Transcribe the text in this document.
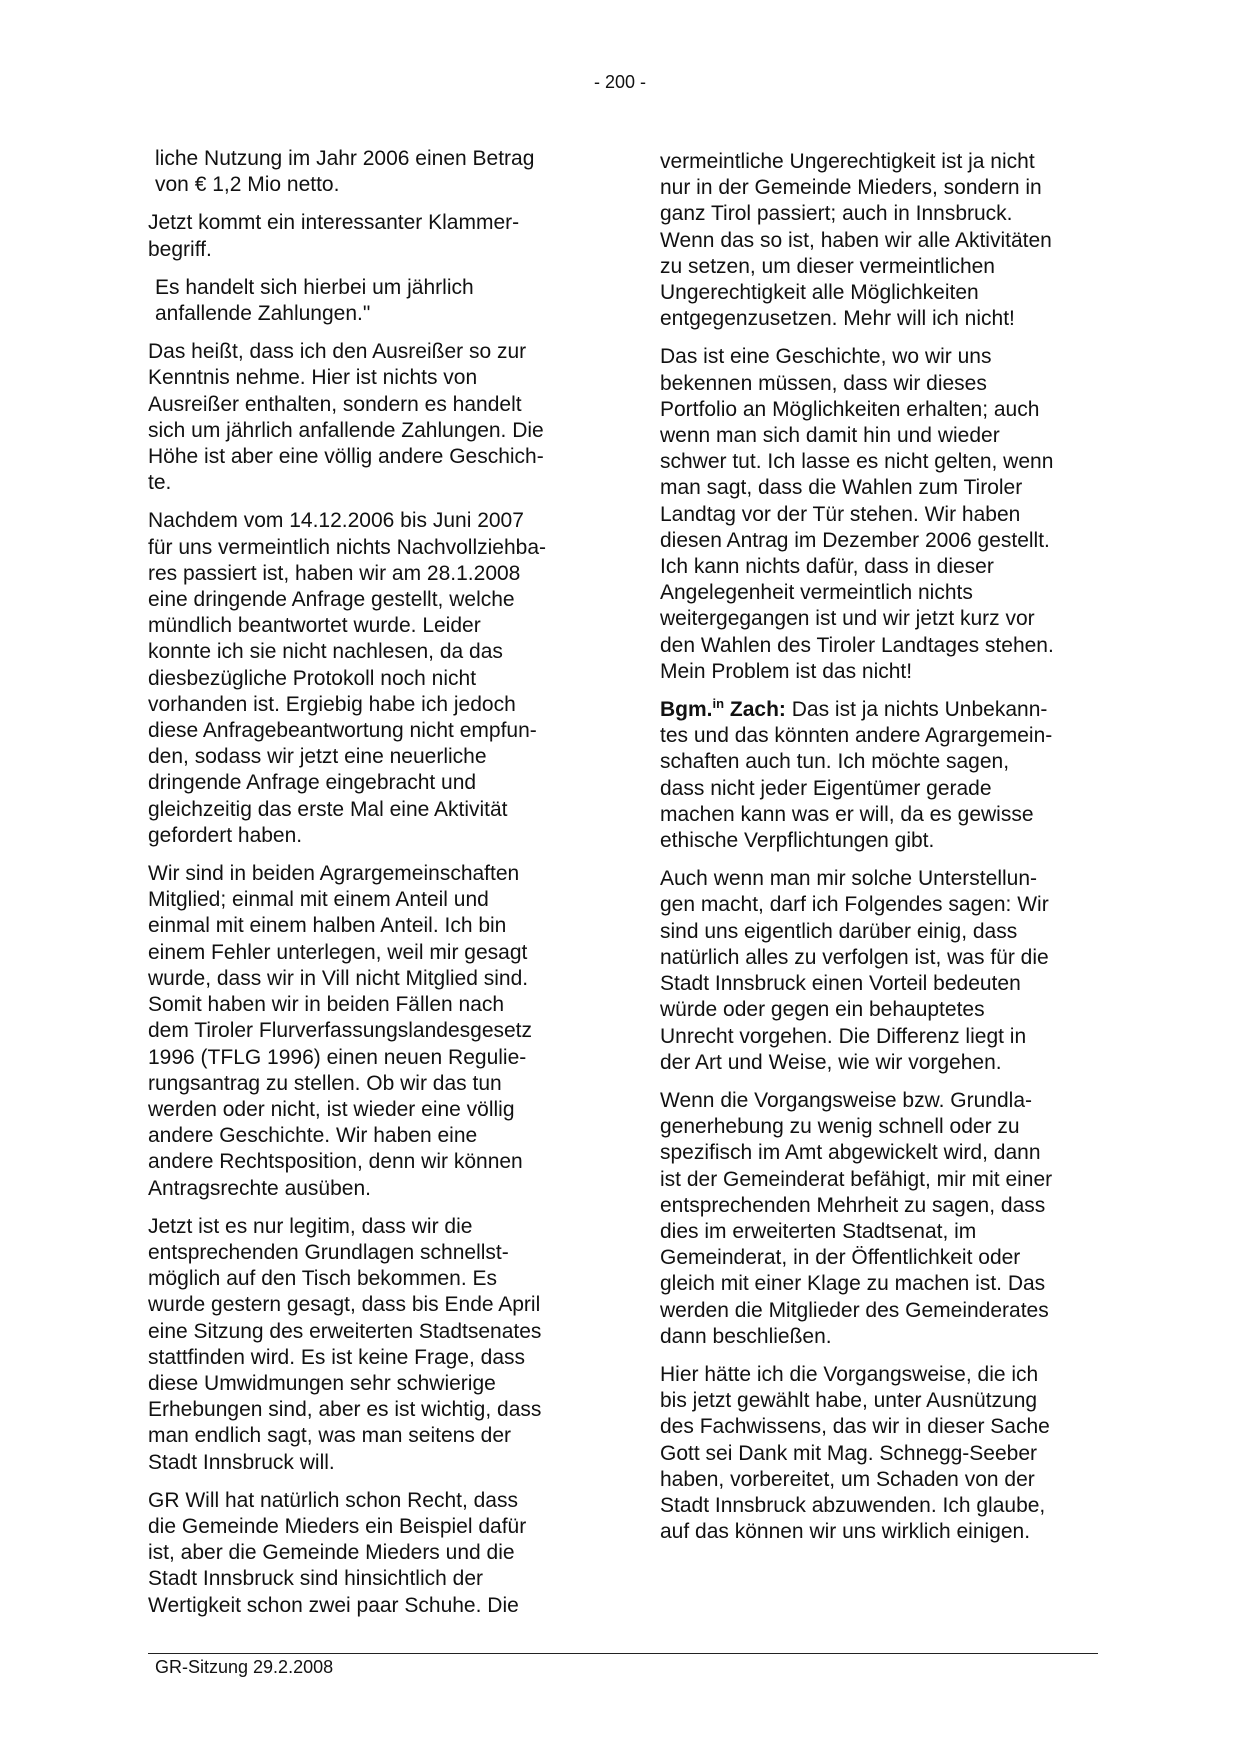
- 200 -
liche Nutzung im Jahr 2006 einen Betrag
von € 1,2 Mio netto.
Jetzt kommt ein interessanter Klammer-
begriff.
Es handelt sich hierbei um jährlich
anfallende Zahlungen."
Das heißt, dass ich den Ausreißer so zur
Kenntnis nehme. Hier ist nichts von
Ausreißer enthalten, sondern es handelt
sich um jährlich anfallende Zahlungen. Die
Höhe ist aber eine völlig andere Geschich-
te.
Nachdem vom 14.12.2006 bis Juni 2007
für uns vermeintlich nichts Nachvollziehba-
res passiert ist, haben wir am 28.1.2008
eine dringende Anfrage gestellt, welche
mündlich beantwortet wurde. Leider
konnte ich sie nicht nachlesen, da das
diesbezügliche Protokoll noch nicht
vorhanden ist. Ergiebig habe ich jedoch
diese Anfragebeantwortung nicht empfun-
den, sodass wir jetzt eine neuerliche
dringende Anfrage eingebracht und
gleichzeitig das erste Mal eine Aktivität
gefordert haben.
Wir sind in beiden Agrargemeinschaften
Mitglied; einmal mit einem Anteil und
einmal mit einem halben Anteil. Ich bin
einem Fehler unterlegen, weil mir gesagt
wurde, dass wir in Vill nicht Mitglied sind.
Somit haben wir in beiden Fällen nach
dem Tiroler Flurverfassungslandesgesetz
1996 (TFLG 1996) einen neuen Regulie-
rungsantrag zu stellen. Ob wir das tun
werden oder nicht, ist wieder eine völlig
andere Geschichte. Wir haben eine
andere Rechtsposition, denn wir können
Antragsrechte ausüben.
Jetzt ist es nur legitim, dass wir die
entsprechenden Grundlagen schnellst-
möglich auf den Tisch bekommen. Es
wurde gestern gesagt, dass bis Ende April
eine Sitzung des erweiterten Stadtsenates
stattfinden wird. Es ist keine Frage, dass
diese Umwidmungen sehr schwierige
Erhebungen sind, aber es ist wichtig, dass
man endlich sagt, was man seitens der
Stadt Innsbruck will.
GR Will hat natürlich schon Recht, dass
die Gemeinde Mieders ein Beispiel dafür
ist, aber die Gemeinde Mieders und die
Stadt Innsbruck sind hinsichtlich der
Wertigkeit schon zwei paar Schuhe. Die
vermeintliche Ungerechtigkeit ist ja nicht
nur in der Gemeinde Mieders, sondern in
ganz Tirol passiert; auch in Innsbruck.
Wenn das so ist, haben wir alle Aktivitäten
zu setzen, um dieser vermeintlichen
Ungerechtigkeit alle Möglichkeiten
entgegenzusetzen. Mehr will ich nicht!
Das ist eine Geschichte, wo wir uns
bekennen müssen, dass wir dieses
Portfolio an Möglichkeiten erhalten; auch
wenn man sich damit hin und wieder
schwer tut. Ich lasse es nicht gelten, wenn
man sagt, dass die Wahlen zum Tiroler
Landtag vor der Tür stehen. Wir haben
diesen Antrag im Dezember 2006 gestellt.
Ich kann nichts dafür, dass in dieser
Angelegenheit vermeintlich nichts
weitergegangen ist und wir jetzt kurz vor
den Wahlen des Tiroler Landtages stehen.
Mein Problem ist das nicht!
Bgm.$^{in}$ Zach: Das ist ja nichts Unbekann-
tes und das könnten andere Agrargemein-
schaften auch tun. Ich möchte sagen,
dass nicht jeder Eigentümer gerade
machen kann was er will, da es gewisse
ethische Verpflichtungen gibt.
Auch wenn man mir solche Unterstellun-
gen macht, darf ich Folgendes sagen: Wir
sind uns eigentlich darüber einig, dass
natürlich alles zu verfolgen ist, was für die
Stadt Innsbruck einen Vorteil bedeuten
würde oder gegen ein behauptetes
Unrecht vorgehen. Die Differenz liegt in
der Art und Weise, wie wir vorgehen.
Wenn die Vorgangsweise bzw. Grundla-
generhebung zu wenig schnell oder zu
spezifisch im Amt abgewickelt wird, dann
ist der Gemeinderat befähigt, mir mit einer
entsprechenden Mehrheit zu sagen, dass
dies im erweiterten Stadtsenat, im
Gemeinderat, in der Öffentlichkeit oder
gleich mit einer Klage zu machen ist. Das
werden die Mitglieder des Gemeinderates
dann beschließen.
Hier hätte ich die Vorgangsweise, die ich
bis jetzt gewählt habe, unter Ausnützung
des Fachwissens, das wir in dieser Sache
Gott sei Dank mit Mag. Schnegg-Seeber
haben, vorbereitet, um Schaden von der
Stadt Innsbruck abzuwenden. Ich glaube,
auf das können wir uns wirklich einigen.
GR-Sitzung 29.2.2008
